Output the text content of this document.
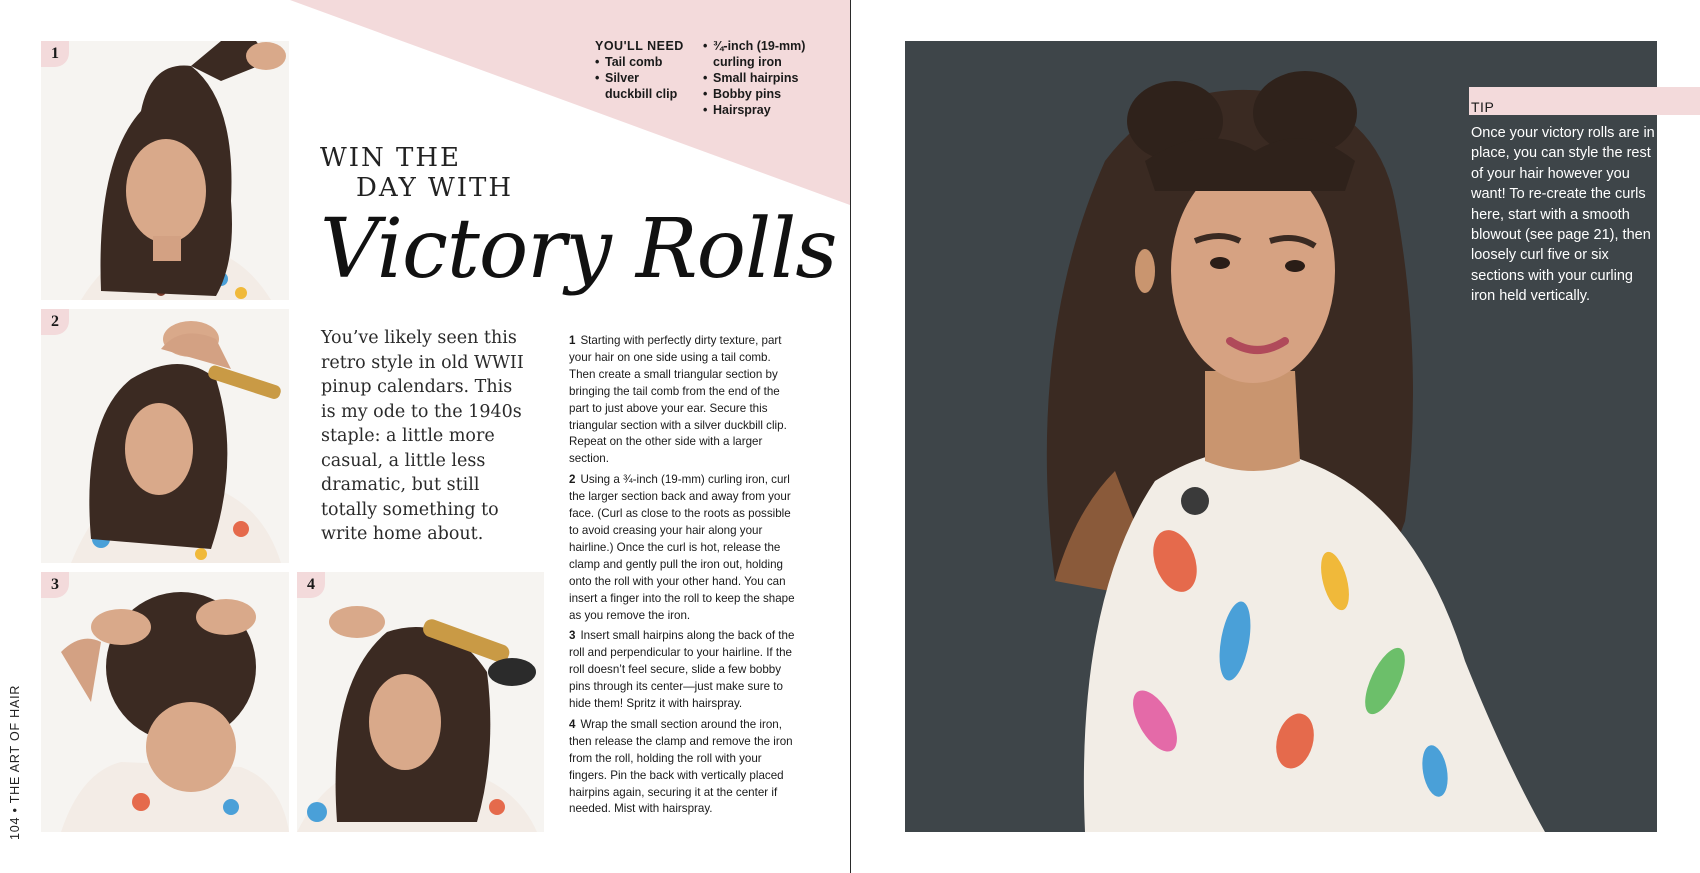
1
2
3	4
YOU'LL NEED
• Tail comb
• Silver duckbill clip
• ¾-inch (19-mm) curling iron
• Small hairpins
• Bobby pins
• Hairspray
WIN THE
DAY WITH
Victory Rolls

You’ve likely seen this retro style in old WWII pinup calendars. This is my ode to the 1940s staple: a little more casual, a little less dramatic, but still totally something to write home about.

1 Starting with perfectly dirty texture, part your hair on one side using a tail comb. Then create a small triangular section by bringing the tail comb from the end of the part to just above your ear. Secure this triangular section with a silver duckbill clip. Repeat on the other side with a larger section.

2 Using a ¾-inch (19-mm) curling iron, curl the larger section back and away from your face. (Curl as close to the roots as possible to avoid creasing your hair along your hairline.) Once the curl is hot, release the clamp and gently pull the iron out, holding onto the roll with your other hand. You can insert a finger into the roll to keep the shape as you remove the iron.

3 Insert small hairpins along the back of the roll and perpendicular to your hairline. If the roll doesn’t feel secure, slide a few bobby pins through its center—just make sure to hide them! Spritz it with hairspray.

4 Wrap the small section around the iron, then release the clamp and remove the iron from the roll, holding the roll with your fingers. Pin the back with vertically placed hairpins again, securing it at the center if needed. Mist with hairspray.

104 • THE ART OF HAIR
TIP

Once your victory rolls are in place, you can style the rest of your hair however you want! To re-create the curls here, start with a smooth blowout (see page 21), then loosely curl five or six sections with your curling iron held vertically.
